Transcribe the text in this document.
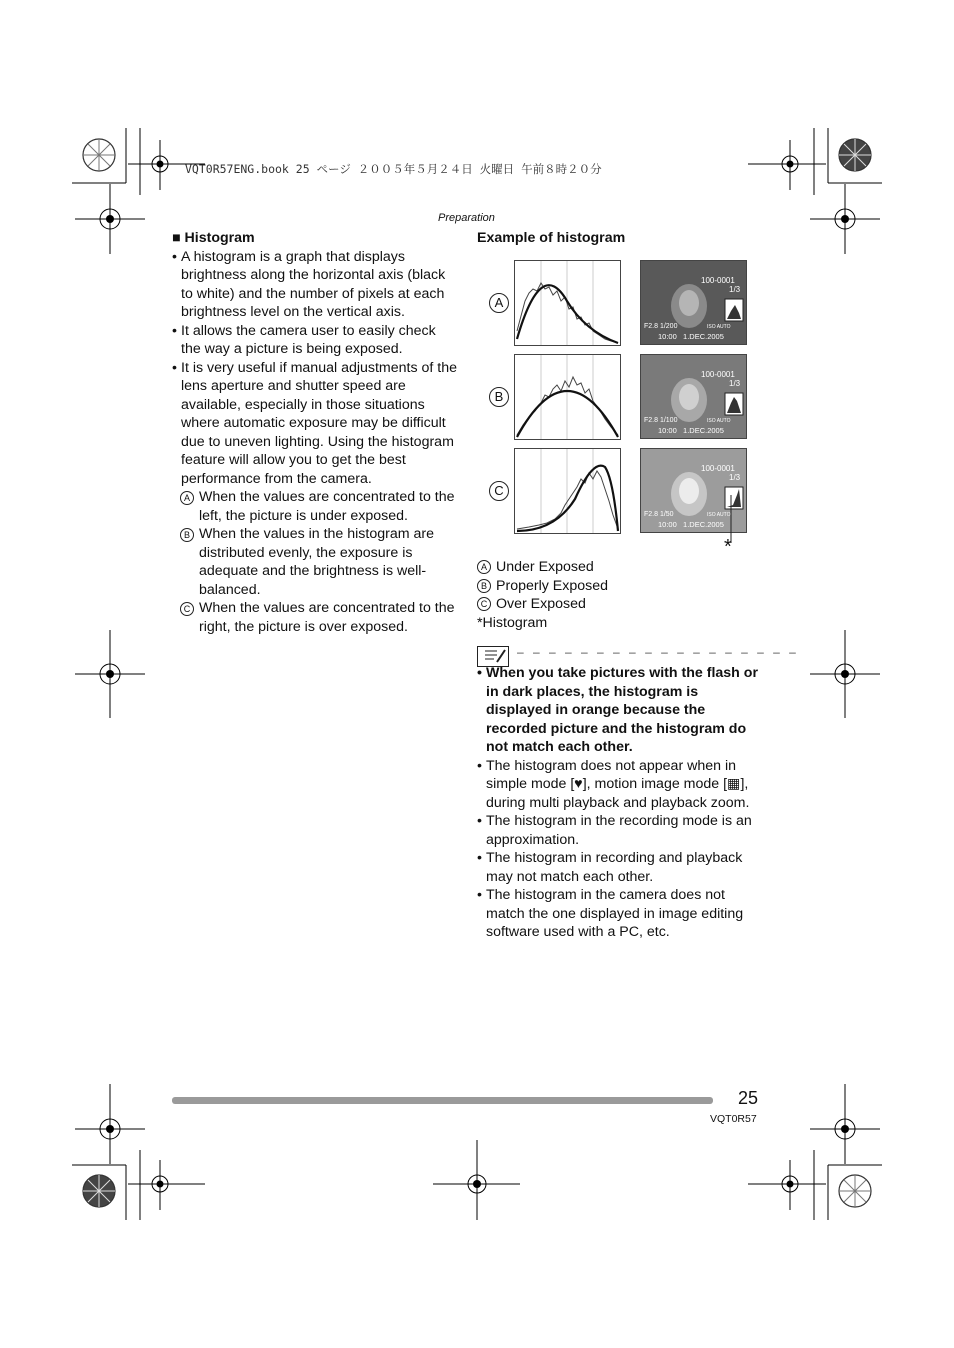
VQT0R57ENG.book 25 ページ ２００５年５月２４日 火曜日 午前８時２０分
Preparation

■ Histogram

• A histogram is a graph that displays brightness along the horizontal axis (black to white) and the number of pixels at each brightness level on the vertical axis.

• It allows the camera user to easily check the way a picture is being exposed.

• It is very useful if manual adjustments of the lens aperture and shutter speed are available, especially in those situations where automatic exposure may be difficult due to uneven lighting. Using the histogram feature will allow you to get the best performance from the camera.

A When the values are concentrated to the left, the picture is under exposed.

B When the values in the histogram are distributed evenly, the exposure is adequate and the brightness is well-balanced.

C When the values are concentrated to the right, the picture is over exposed.

Example of histogram

A
B
C
100-0001
1/3
F2.8 1/200	ISO AUTO
10:00   1.DEC.2005
100-0001
1/3
F2.8 1/100	ISO AUTO
10:00   1.DEC.2005
100-0001
1/3
F2.8 1/50	ISO AUTO
10:00   1.DEC.2005
*

A Under Exposed

B Properly Exposed

C Over Exposed

*Histogram

– – – – – – – – – – – – – – – – – –

• When you take pictures with the flash or in dark places, the histogram is displayed in orange because the recorded picture and the histogram do not match each other.

• The histogram does not appear when in simple mode [♥], motion image mode [▦], during multi playback and playback zoom.

• The histogram in the recording mode is an approximation.

• The histogram in recording and playback may not match each other.

• The histogram in the camera does not match the one displayed in image editing software used with a PC, etc.

25
VQT0R57
